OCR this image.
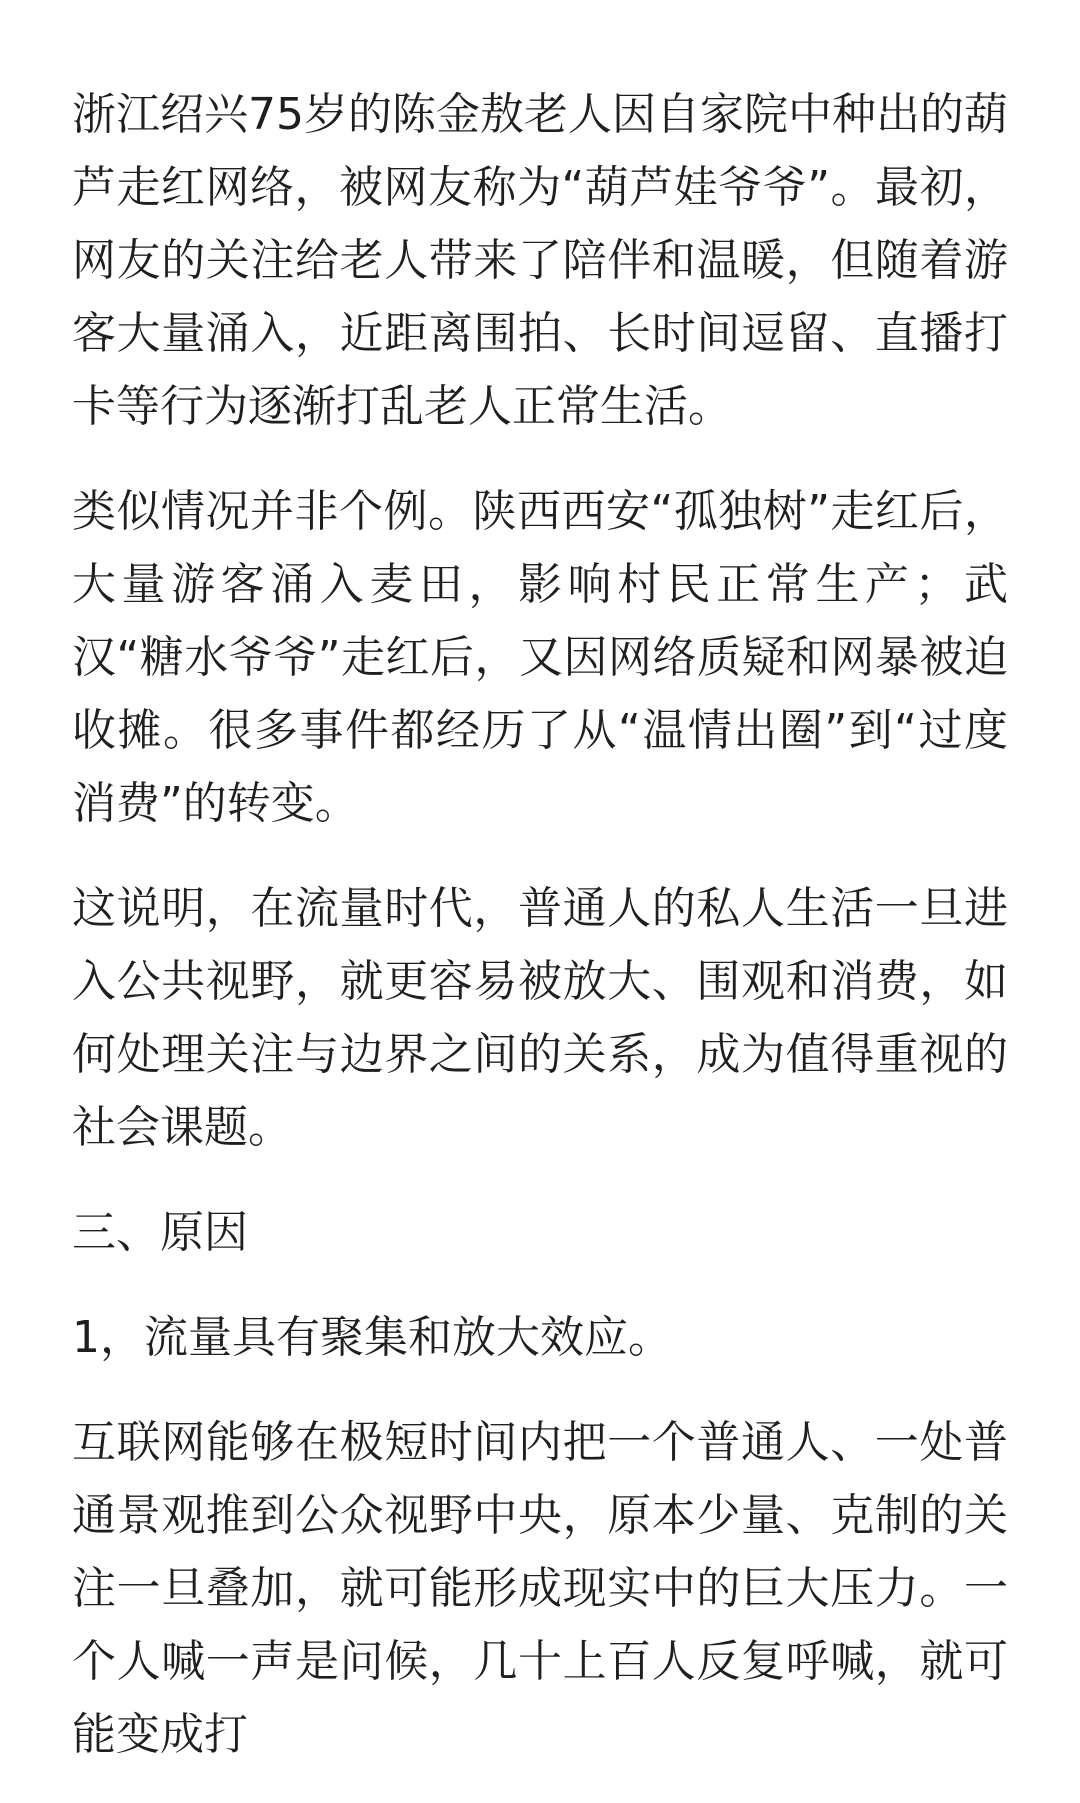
浙江绍兴75岁的陈金敖老人因自家院中种出的葫芦走红网络，被网友称为“葫芦娃爷爷”。最初，网友的关注给老人带来了陪伴和温暖，但随着游客大量涌入，近距离围拍、长时间逗留、直播打卡等行为逐渐打乱老人正常生活。

类似情况并非个例。陕西西安“孤独树”走红后，大量游客涌入麦田，影响村民正常生产；武汉“糖水爷爷”走红后，又因网络质疑和网暴被迫收摊。很多事件都经历了从“温情出圈”到“过度消费”的转变。

这说明，在流量时代，普通人的私人生活一旦进入公共视野，就更容易被放大、围观和消费，如何处理关注与边界之间的关系，成为值得重视的社会课题。

三、原因

1，流量具有聚集和放大效应。

互联网能够在极短时间内把一个普通人、一处普通景观推到公众视野中央，原本少量、克制的关注一旦叠加，就可能形成现实中的巨大压力。一个人喊一声是问候，几十上百人反复呼喊，就可能变成打
